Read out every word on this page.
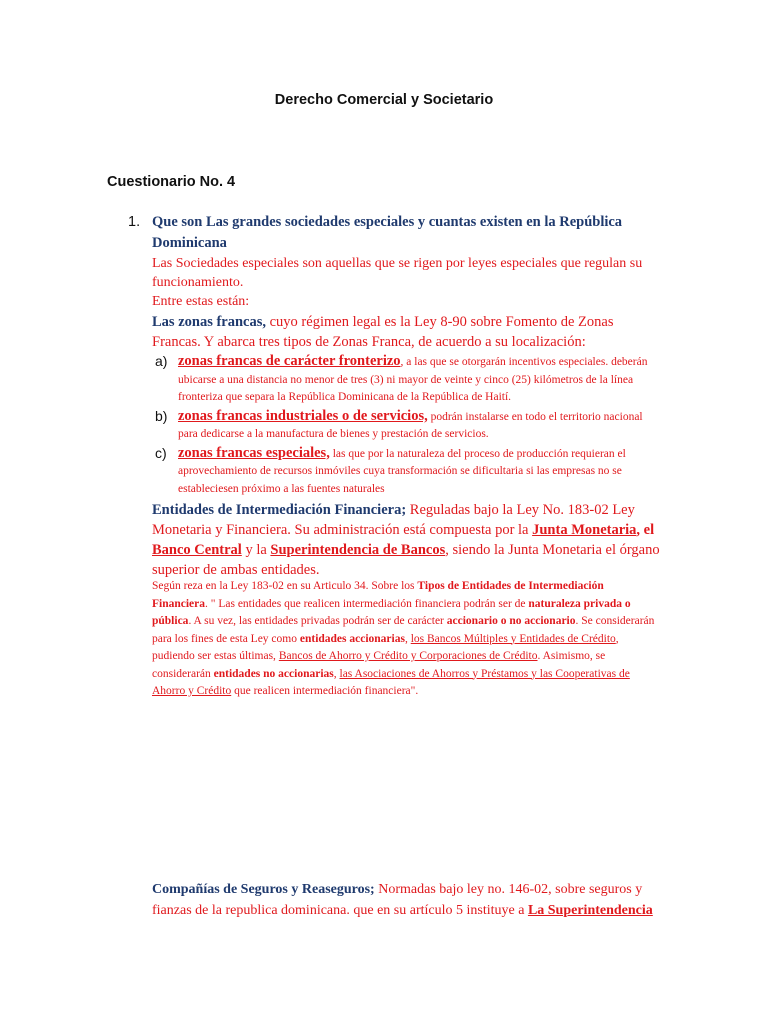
Derecho Comercial y Societario
Cuestionario No. 4
1. Que son Las grandes sociedades especiales y cuantas existen en la República Dominicana
Las Sociedades especiales son aquellas que se rigen por leyes especiales que regulan su funcionamiento.
Entre estas están:
Las zonas francas, cuyo régimen legal es la Ley 8-90 sobre Fomento de Zonas Francas. Y abarca tres tipos de Zonas Franca, de acuerdo a su localización:
a) zonas francas de carácter fronterizo, a las que se otorgarán incentivos especiales. deberán ubicarse a una distancia no menor de tres (3) ni mayor de veinte y cinco (25) kilómetros de la línea fronteriza que separa la República Dominicana de la República de Haití.
b) zonas francas industriales o de servicios, podrán instalarse en todo el territorio nacional para dedicarse a la manufactura de bienes y prestación de servicios.
c) zonas francas especiales, las que por la naturaleza del proceso de producción requieran el aprovechamiento de recursos inmóviles cuya transformación se dificultaria si las empresas no se estableciesen próximo a las fuentes naturales
Entidades de Intermediación Financiera; Reguladas bajo la Ley No. 183-02 Ley Monetaria y Financiera. Su administración está compuesta por la Junta Monetaria, el Banco Central y la Superintendencia de Bancos, siendo la Junta Monetaria el órgano superior de ambas entidades.
Según reza en la Ley 183-02 en su Articulo 34. Sobre los Tipos de Entidades de Intermediación Financiera. " Las entidades que realicen intermediación financiera podrán ser de naturaleza privada o pública. A su vez, las entidades privadas podrán ser de carácter accionario o no accionario. Se considerarán para los fines de esta Ley como entidades accionarias, los Bancos Múltiples y Entidades de Crédito, pudiendo ser estas últimas, Bancos de Ahorro y Crédito y Corporaciones de Crédito. Asimismo, se considerarán entidades no accionarias, las Asociaciones de Ahorros y Préstamos y las Cooperativas de Ahorro y Crédito que realicen intermediación financiera".
Compañías de Seguros y Reaseguros; Normadas bajo ley no. 146-02, sobre seguros y fianzas de la republica dominicana. que en su artículo 5 instituye a La Superintendencia
